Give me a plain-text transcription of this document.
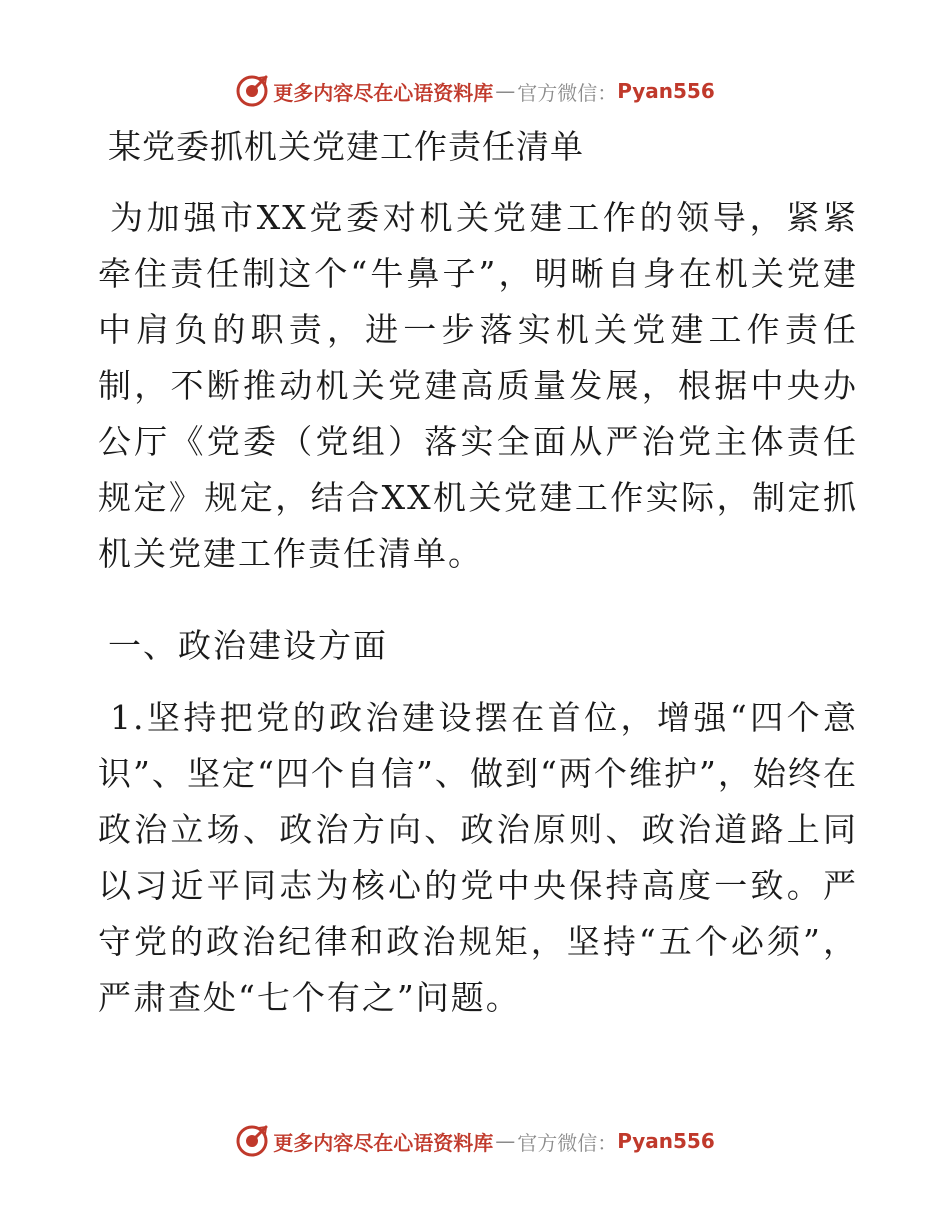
更多内容尽在心语资料库 — 官方微信： Pyan556
某党委抓机关党建工作责任清单

为加强市XX党委对机关党建工作的领导，紧紧牵住责任制这个“牛鼻子”，明晰自身在机关党建中肩负的职责，进一步落实机关党建工作责任制，不断推动机关党建高质量发展，根据中央办公厅《党委（党组）落实全面从严治党主体责任规定》规定，结合XX机关党建工作实际，制定抓机关党建工作责任清单。

一、政治建设方面

1.坚持把党的政治建设摆在首位，增强“四个意识”、坚定“四个自信”、做到“两个维护”，始终在政治立场、政治方向、政治原则、政治道路上同以习近平同志为核心的党中央保持高度一致。严守党的政治纪律和政治规矩，坚持“五个必须”，严肃查处“七个有之”问题。

更多内容尽在心语资料库 — 官方微信： Pyan556
